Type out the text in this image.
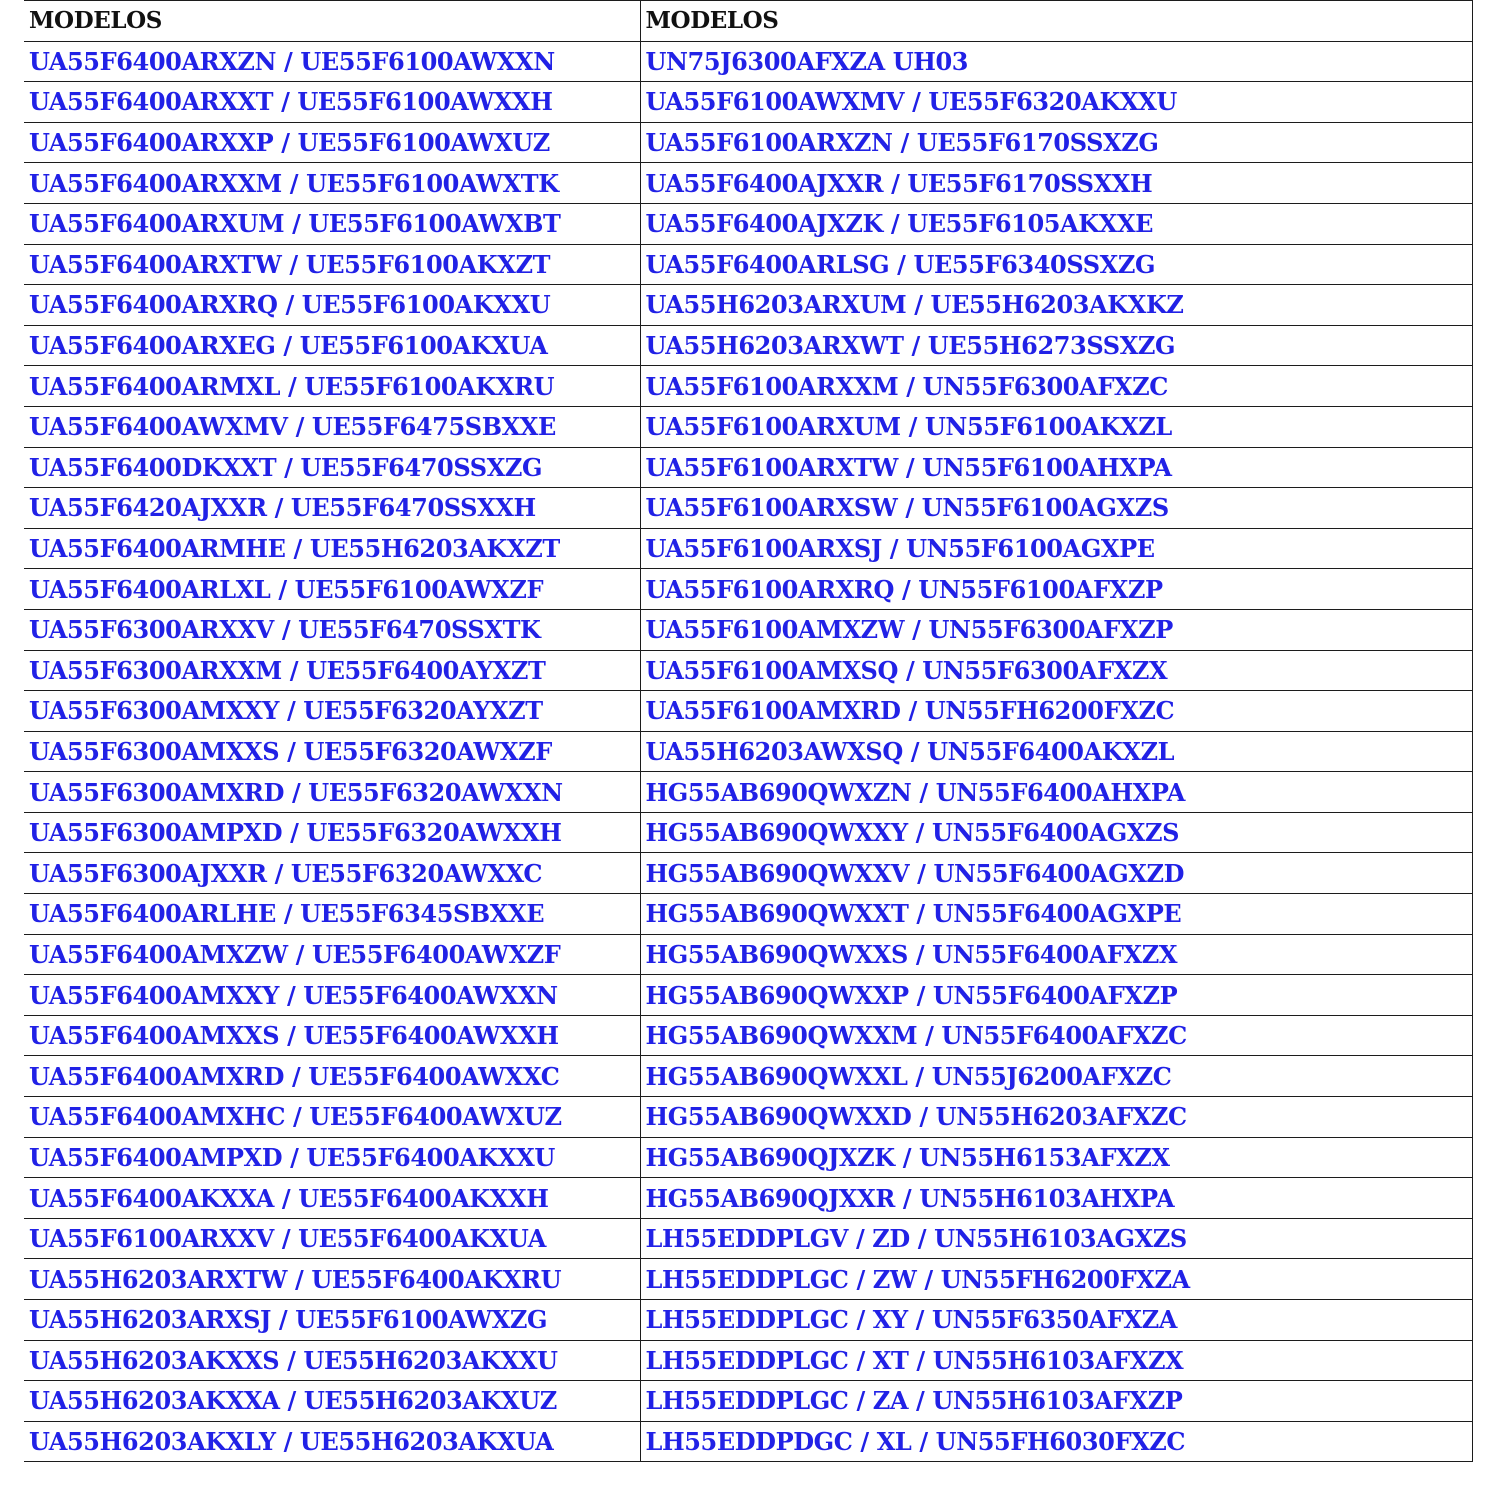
MODELOS	MODELOS
UA55F6400ARXZN / UE55F6100AWXXN	UN75J6300AFXZA UH03
UA55F6400ARXXT / UE55F6100AWXXH	UA55F6100AWXMV / UE55F6320AKXXU
UA55F6400ARXXP / UE55F6100AWXUZ	UA55F6100ARXZN / UE55F6170SSXZG
UA55F6400ARXXM / UE55F6100AWXTK	UA55F6400AJXXR / UE55F6170SSXXH
UA55F6400ARXUM / UE55F6100AWXBT	UA55F6400AJXZK / UE55F6105AKXXE
UA55F6400ARXTW / UE55F6100AKXZT	UA55F6400ARLSG / UE55F6340SSXZG
UA55F6400ARXRQ / UE55F6100AKXXU	UA55H6203ARXUM / UE55H6203AKXKZ
UA55F6400ARXEG / UE55F6100AKXUA	UA55H6203ARXWT / UE55H6273SSXZG
UA55F6400ARMXL / UE55F6100AKXRU	UA55F6100ARXXM / UN55F6300AFXZC
UA55F6400AWXMV / UE55F6475SBXXE	UA55F6100ARXUM / UN55F6100AKXZL
UA55F6400DKXXT / UE55F6470SSXZG	UA55F6100ARXTW / UN55F6100AHXPA
UA55F6420AJXXR / UE55F6470SSXXH	UA55F6100ARXSW / UN55F6100AGXZS
UA55F6400ARMHE / UE55H6203AKXZT	UA55F6100ARXSJ / UN55F6100AGXPE
UA55F6400ARLXL / UE55F6100AWXZF	UA55F6100ARXRQ / UN55F6100AFXZP
UA55F6300ARXXV / UE55F6470SSXTK	UA55F6100AMXZW / UN55F6300AFXZP
UA55F6300ARXXM / UE55F6400AYXZT	UA55F6100AMXSQ / UN55F6300AFXZX
UA55F6300AMXXY / UE55F6320AYXZT	UA55F6100AMXRD / UN55FH6200FXZC
UA55F6300AMXXS / UE55F6320AWXZF	UA55H6203AWXSQ / UN55F6400AKXZL
UA55F6300AMXRD / UE55F6320AWXXN	HG55AB690QWXZN / UN55F6400AHXPA
UA55F6300AMPXD / UE55F6320AWXXH	HG55AB690QWXXY / UN55F6400AGXZS
UA55F6300AJXXR / UE55F6320AWXXC	HG55AB690QWXXV / UN55F6400AGXZD
UA55F6400ARLHE / UE55F6345SBXXE	HG55AB690QWXXT / UN55F6400AGXPE
UA55F6400AMXZW / UE55F6400AWXZF	HG55AB690QWXXS / UN55F6400AFXZX
UA55F6400AMXXY / UE55F6400AWXXN	HG55AB690QWXXP / UN55F6400AFXZP
UA55F6400AMXXS / UE55F6400AWXXH	HG55AB690QWXXM / UN55F6400AFXZC
UA55F6400AMXRD / UE55F6400AWXXC	HG55AB690QWXXL / UN55J6200AFXZC
UA55F6400AMXHC / UE55F6400AWXUZ	HG55AB690QWXXD / UN55H6203AFXZC
UA55F6400AMPXD / UE55F6400AKXXU	HG55AB690QJXZK / UN55H6153AFXZX
UA55F6400AKXXA / UE55F6400AKXXH	HG55AB690QJXXR / UN55H6103AHXPA
UA55F6100ARXXV / UE55F6400AKXUA	LH55EDDPLGV / ZD / UN55H6103AGXZS
UA55H6203ARXTW / UE55F6400AKXRU	LH55EDDPLGC / ZW / UN55FH6200FXZA
UA55H6203ARXSJ / UE55F6100AWXZG	LH55EDDPLGC / XY / UN55F6350AFXZA
UA55H6203AKXXS / UE55H6203AKXXU	LH55EDDPLGC / XT / UN55H6103AFXZX
UA55H6203AKXXA / UE55H6203AKXUZ	LH55EDDPLGC / ZA / UN55H6103AFXZP
UA55H6203AKXLY / UE55H6203AKXUA	LH55EDDPDGC / XL / UN55FH6030FXZC
